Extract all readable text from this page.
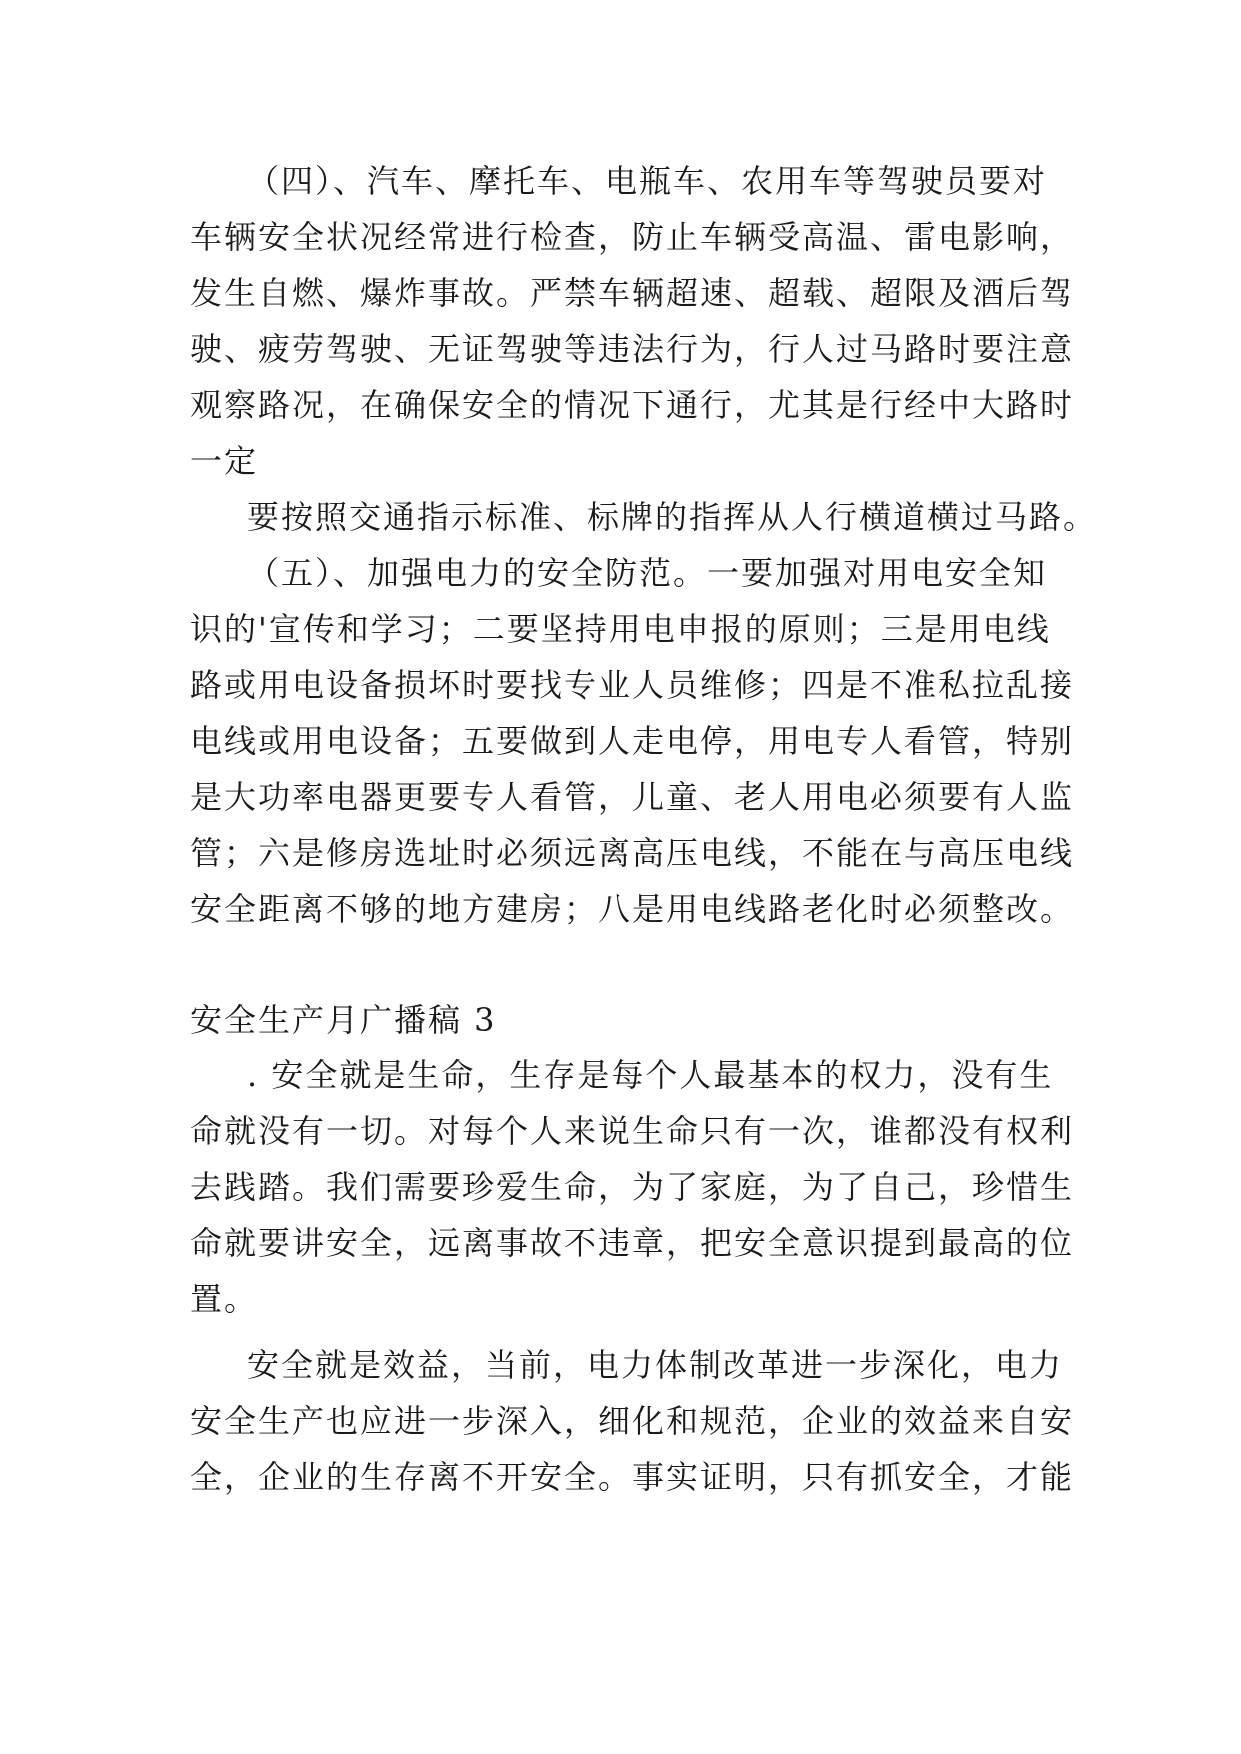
（四）、汽车、摩托车、电瓶车、农用车等驾驶员要对
车辆安全状况经常进行检查，防止车辆受高温、雷电影响，
发生自燃、爆炸事故。严禁车辆超速、超载、超限及酒后驾
驶、疲劳驾驶、无证驾驶等违法行为，行人过马路时要注意
观察路况，在确保安全的情况下通行，尤其是行经中大路时
一定
要按照交通指示标准、标牌的指挥从人行横道横过马路。
（五）、加强电力的安全防范。一要加强对用电安全知
识的'宣传和学习；二要坚持用电申报的原则；三是用电线
路或用电设备损坏时要找专业人员维修；四是不准私拉乱接
电线或用电设备；五要做到人走电停，用电专人看管，特别
是大功率电器更要专人看管，儿童、老人用电必须要有人监
管；六是修房选址时必须远离高压电线，不能在与高压电线
安全距离不够的地方建房；八是用电线路老化时必须整改。
安全生产月广播稿 3
. 安全就是生命，生存是每个人最基本的权力，没有生
命就没有一切。对每个人来说生命只有一次，谁都没有权利
去践踏。我们需要珍爱生命，为了家庭，为了自己，珍惜生
命就要讲安全，远离事故不违章，把安全意识提到最高的位
置。
安全就是效益，当前，电力体制改革进一步深化，电力
安全生产也应进一步深入，细化和规范，企业的效益来自安
全，企业的生存离不开安全。事实证明，只有抓安全，才能
